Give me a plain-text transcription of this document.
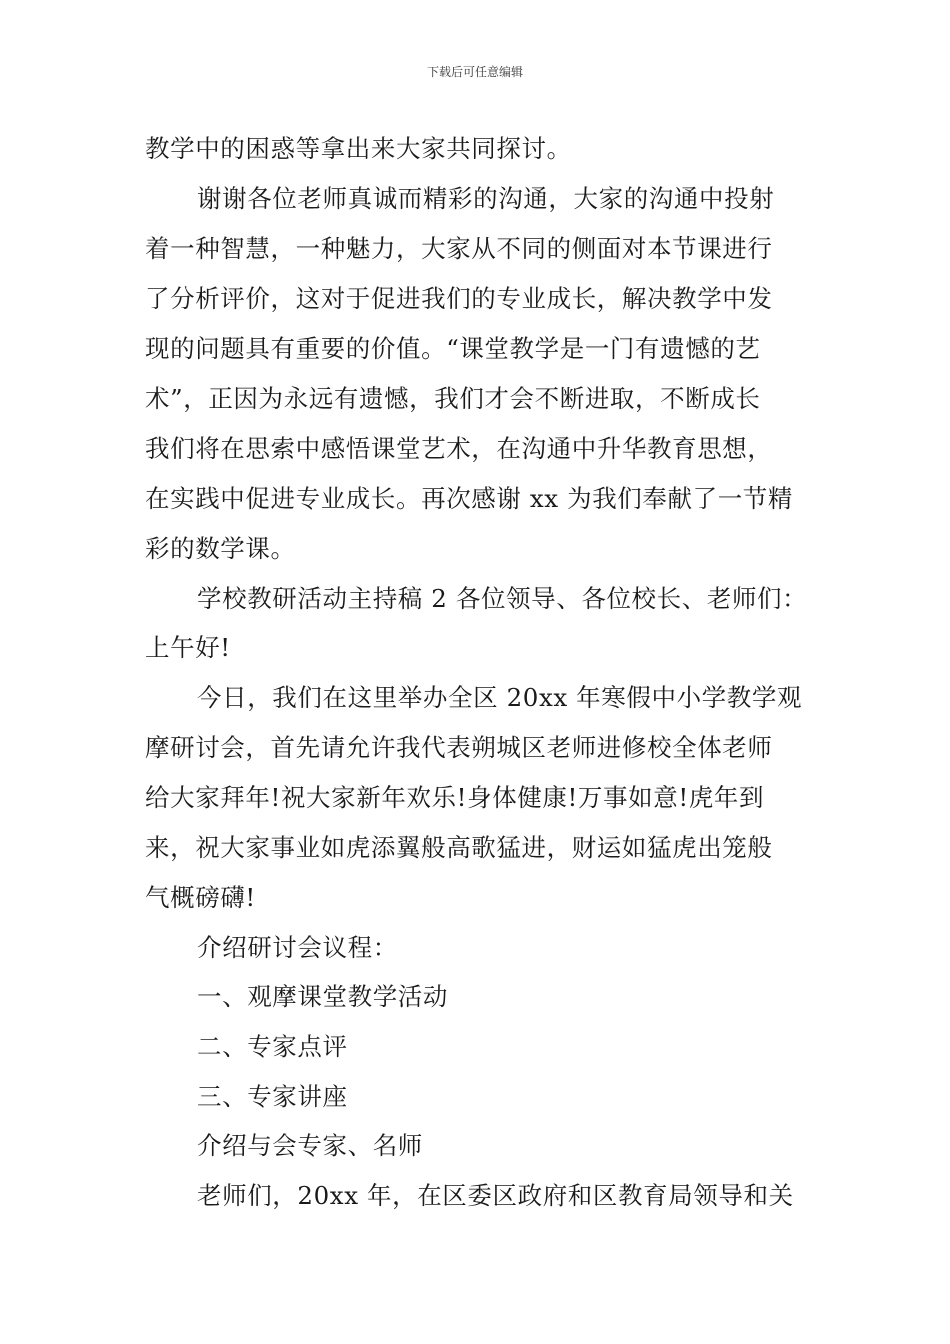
下载后可任意编辑
教学中的困惑等拿出来大家共同探讨。
谢谢各位老师真诚而精彩的沟通，大家的沟通中投射
着一种智慧，一种魅力，大家从不同的侧面对本节课进行
了分析评价，这对于促进我们的专业成长，解决教学中发
现的问题具有重要的价值。“课堂教学是一门有遗憾的艺
术”，正因为永远有遗憾，我们才会不断进取，不断成长
我们将在思索中感悟课堂艺术，在沟通中升华教育思想，
在实践中促进专业成长。再次感谢 xx 为我们奉献了一节精
彩的数学课。
学校教研活动主持稿 2 各位领导、各位校长、老师们：
上午好!
今日，我们在这里举办全区 20xx 年寒假中小学教学观
摩研讨会，首先请允许我代表朔城区老师进修校全体老师
给大家拜年!祝大家新年欢乐!身体健康!万事如意!虎年到
来，祝大家事业如虎添翼般高歌猛进，财运如猛虎出笼般
气概磅礴!
介绍研讨会议程：
一、观摩课堂教学活动
二、专家点评
三、专家讲座
介绍与会专家、名师
老师们，20xx 年，在区委区政府和区教育局领导和关
